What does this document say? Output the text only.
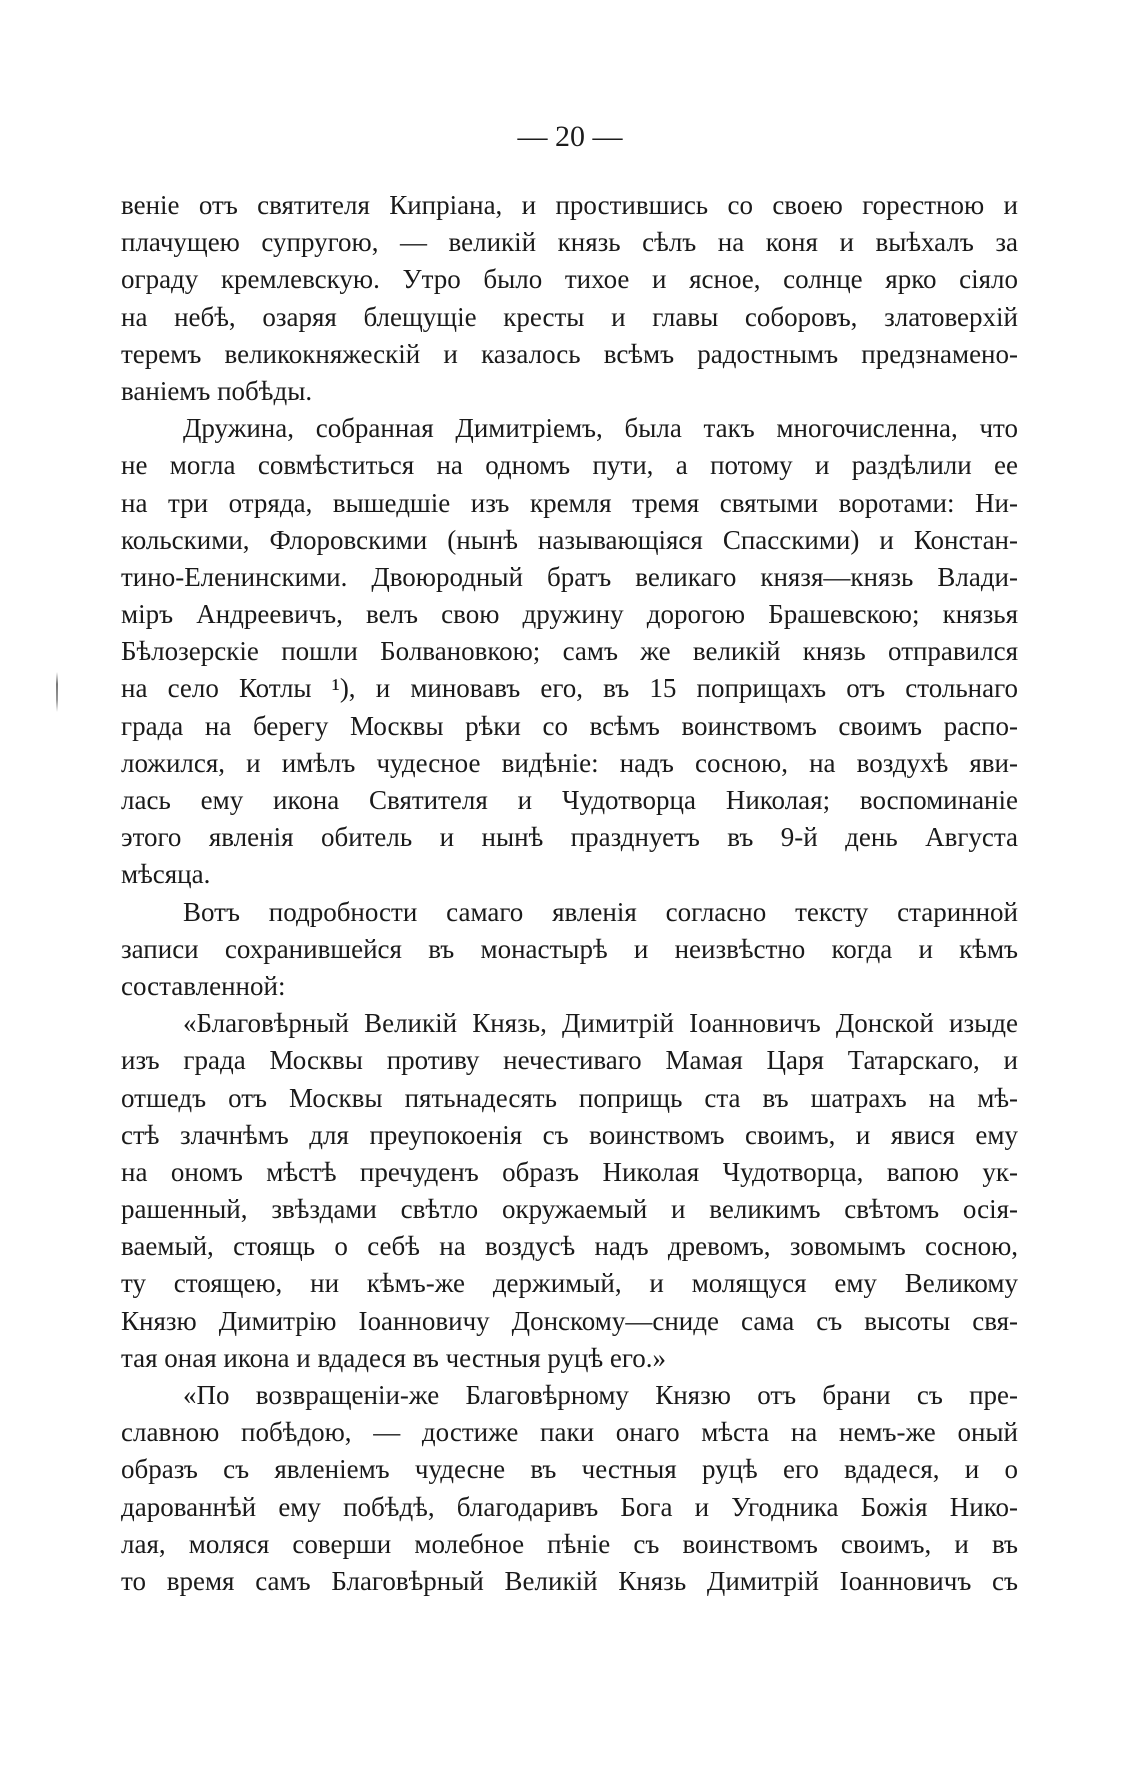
— 20 —
веніе отъ святителя Кипріана, и простившись со своею горестною и
плачущею супругою, — великій князь сѣлъ на коня и выѣхалъ за
ограду кремлевскую. Утро было тихое и ясное, солнце ярко сіяло
на небѣ, озаряя блещущіе кресты и главы соборовъ, златоверхій
теремъ великокняжескій и казалось всѣмъ радостнымъ предзнамено-
ваніемъ побѣды.
Дружина, собранная Димитріемъ, была такъ многочисленна, что
не могла совмѣститься на одномъ пути, а потому и раздѣлили ее
на три отряда, вышедшіе изъ кремля тремя святыми воротами: Ни-
кольскими, Флоровскими (нынѣ называющіяся Спасскими) и Констан-
тино-Еленинскими. Двоюродный братъ великаго князя—князь Влади-
міръ Андреевичъ, велъ свою дружину дорогою Брашевскою; князья
Бѣлозерскіе пошли Болвановкою; самъ же великій князь отправился
на село Котлы ¹), и миновавъ его, въ 15 поприщахъ отъ стольнаго
града на берегу Москвы рѣки со всѣмъ воинствомъ своимъ распо-
ложился, и имѣлъ чудесное видѣніе: надъ сосною, на воздухѣ яви-
лась ему икона Святителя и Чудотворца Николая; воспоминаніе
этого явленія обитель и нынѣ празднуетъ въ 9-й день Августа
мѣсяца.
Вотъ подробности самаго явленія согласно тексту старинной
записи сохранившейся въ монастырѣ и неизвѣстно когда и кѣмъ
составленной:
«Благовѣрный Великій Князь, Димитрій Іоанновичъ Донской изыде
изъ града Москвы противу нечестиваго Мамая Царя Татарскаго, и
отшедъ отъ Москвы пятьнадесять поприщь ста въ шатрахъ на мѣ-
стѣ злачнѣмъ для преупокоенія съ воинствомъ своимъ, и явися ему
на ономъ мѣстѣ пречуденъ образъ Николая Чудотворца, вапою ук-
рашенный, звѣздами свѣтло окружаемый и великимъ свѣтомъ осія-
ваемый, стоящь о себѣ на воздусѣ надъ древомъ, зовомымъ сосною,
ту стоящею, ни кѣмъ-же держимый, и молящуся ему Великому
Князю Димитрію Іоанновичу Донскому—сниде сама съ высоты свя-
тая оная икона и вдадеся въ честныя руцѣ его.»
«По возвращеніи-же Благовѣрному Князю отъ брани съ пре-
славною побѣдою, — достиже паки онаго мѣста на немъ-же оный
образъ съ явленіемъ чудесне въ честныя руцѣ его вдадеся, и о
дарованнѣй ему побѣдѣ, благодаривъ Бога и Угодника Божія Нико-
лая, моляся соверши молебное пѣніе съ воинствомъ своимъ, и въ
то время самъ Благовѣрный Великій Князь Димитрій Іоанновичъ съ
